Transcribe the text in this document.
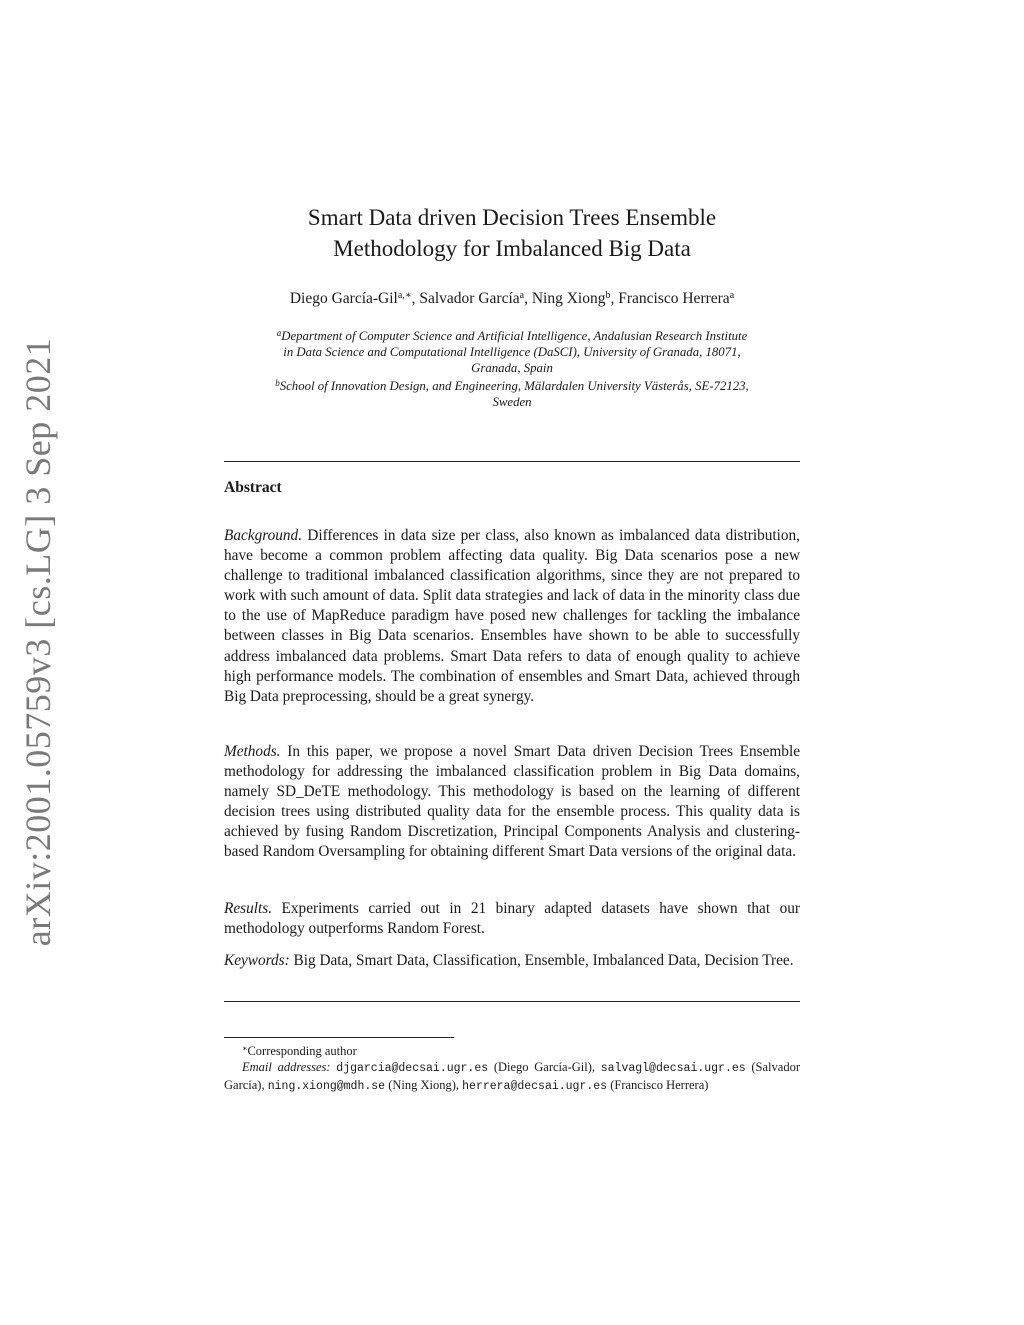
arXiv:2001.05759v3 [cs.LG] 3 Sep 2021
Smart Data driven Decision Trees Ensemble
Methodology for Imbalanced Big Data
Diego García-Gil$^{a,∗}$, Salvador García$^a$, Ning Xiong$^b$, Francisco Herrera$^a$
$^a$Department of Computer Science and Artificial Intelligence, Andalusian Research Institute
in Data Science and Computational Intelligence (DaSCI), University of Granada, 18071,
Granada, Spain
$^b$School of Innovation Design, and Engineering, Mälardalen University Västerås, SE-72123,
Sweden
Abstract
Background. Differences in data size per class, also known as imbalanced data distribution, have become a common problem affecting data quality. Big Data scenarios pose a new challenge to traditional imbalanced classification algorithms, since they are not prepared to work with such amount of data. Split data strategies and lack of data in the minority class due to the use of MapReduce paradigm have posed new challenges for tackling the imbalance between classes in Big Data scenarios. Ensembles have shown to be able to successfully address imbalanced data problems. Smart Data refers to data of enough quality to achieve high performance models. The combination of ensembles and Smart Data, achieved through Big Data preprocessing, should be a great synergy.
Methods. In this paper, we propose a novel Smart Data driven Decision Trees Ensemble methodology for addressing the imbalanced classification problem in Big Data domains, namely SD_DeTE methodology. This methodology is based on the learning of different decision trees using distributed quality data for the ensemble process. This quality data is achieved by fusing Random Discretization, Principal Components Analysis and clustering-based Random Oversampling for obtaining different Smart Data versions of the original data.
Results. Experiments carried out in 21 binary adapted datasets have shown that our methodology outperforms Random Forest.
Keywords: Big Data, Smart Data, Classification, Ensemble, Imbalanced Data, Decision Tree.
∗Corresponding author
Email addresses: djgarcia@decsai.ugr.es (Diego García-Gil), salvagl@decsai.ugr.es (Salvador García), ning.xiong@mdh.se (Ning Xiong), herrera@decsai.ugr.es (Francisco Herrera)
